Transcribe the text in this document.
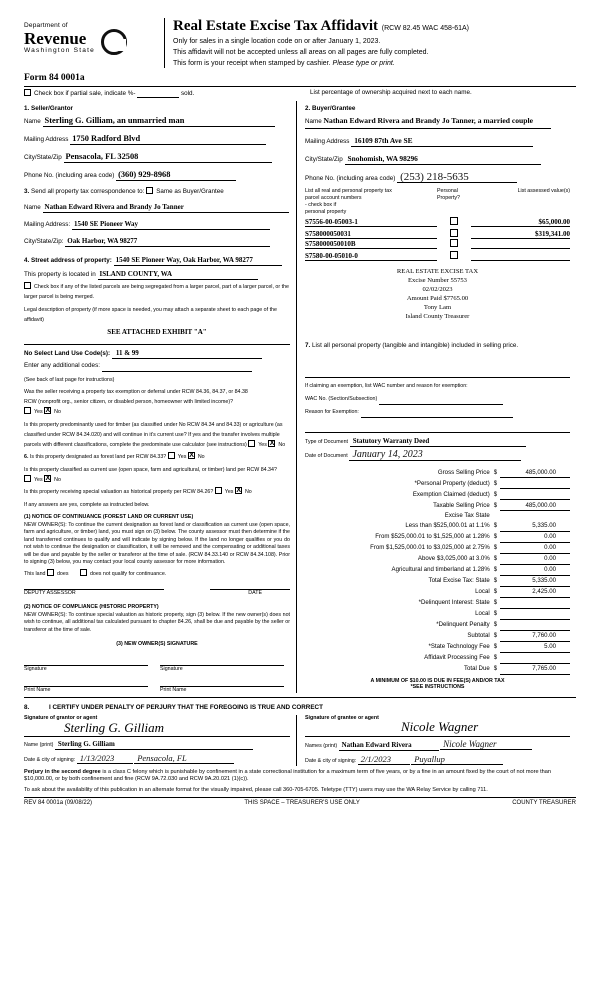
Department of
Revenue
Washington State
Real Estate Excise Tax Affidavit (RCW 82.45 WAC 458-61A)
Only for sales in a single location code on or after January 1, 2023.
This affidavit will not be accepted unless all areas on all pages are fully completed.
This form is your receipt when stamped by cashier. Please type or print.
Form 84 0001a
Check box if partial sale, indicate %-	sold.	List percentage of ownership acquired next to each name.
1. Seller/Grantor
Name Sterling G. Gilliam, an unmarried man
Mailing Address 1750 Radford Blvd
City/State/Zip Pensacola, FL 32508
Phone No. (including area code) (360) 929-8968
3. Send all property tax correspondence to: Same as Buyer/Grantee
Name Nathan Edward Rivera and Brandy Jo Tanner
Mailing Address: 1540 SE Pioneer Way
City/State/Zip: Oak Harbor, WA 98277
4. Street address of property: 1540 SE Pioneer Way, Oak Harbor, WA 98277
This property is located in ISLAND COUNTY, WA
Check box if any of the listed parcels are being segregated from a larger parcel, part of a larger parcel, or the larger parcel is being merged.
Legal description of property (if more space is needed, you may attach a separate sheet to each page of the affidavit)
SEE ATTACHED EXHIBIT "A"
No Select Land Use Code(s): 11 & 99
Enter any additional codes:
(See back of last page for instructions)
Was the seller receiving a property tax exemption or deferral under RCW 84.36, 84.37, or 84.38 RCW (nonprofit org., senior citizen, or disabled person, homeowner with limited income)? Yes X No
Is this property predominantly used for timber (as classified under No RCW 84.34 and 84.33) or agriculture (as classified under RCW 84.34.020) and will continue in it's current use? If yes and the transfer involves multiple parcels with different classifications, complete the predominate use calculator (see instructions) Yes X No
6. Is this property designated as forest land per RCW 84.33? Yes X No
Is this property classified as current use (open space, farm and agricultural, or timber) land per RCW 84.34? Yes X No
Is this property receiving special valuation as historical property per RCW 84.26? Yes X No
If any answers are yes, complete as instructed below.
(1) NOTICE OF CONTINUANCE (FOREST LAND OR CURRENT USE)
NEW OWNER(S): To continue the current designation as forest land or classification as current use (open space, farm and agriculture, or timber) land, you must sign on (3) below. The county assessor must then determine if the land transferred continues to qualify and will indicate by signing below. If the land no longer qualifies or you do not wish to continue the designation or classification, it will be removed and the compensating or additional taxes will be due and payable by the seller or transferor at the time of sale. (RCW 84.33.140 or RCW 84.34.108). Prior to signing (3) below, you may contact your local county assessor for more information.
This land does	does not qualify for continuance.
DEPUTY ASSESSOR	DATE
(2) NOTICE OF COMPLIANCE (HISTORIC PROPERTY)
NEW OWNER(S): To continue special valuation as historic property, sign (3) below. If the new owner(s) does not wish to continue, all additional tax calculated pursuant to chapter 84.26, shall be due and payable by the seller or transferor at the time of sale.
(3) NEW OWNER(S) SIGNATURE
Signature	Signature
Print Name	Print Name
2. Buyer/Grantee
Name Nathan Edward Rivera and Brandy Jo Tanner, a married couple
Mailing Address 16109 87th Ave SE
City/State/Zip Snohomish, WA 98296
Phone No. (including area code) (253) 218-5635
List all real and personal property tax
parcel account numbers
- check box if
personal property
Personal
Property?
List assessed value(s)
S7556-00-05003-1	$65,000.00
S758000050031	$319,341.00
S758000050010B

S7580-00-05010-0

REAL ESTATE EXCISE TAX
Excise Number 55753
02/02/2023
Amount Paid $7765.00
Tony Lam
Island County Treasurer
7. List all personal property (tangible and intangible) included in selling price.
If claiming an exemption, list WAC number and reason for exemption:
WAC No. (Section/Subsection)
Reason for Exemption:
Type of Document Statutory Warranty Deed
Date of Document January 14, 2023
Gross Selling Price	$	485,000.00
*Personal Property (deduct)	$	
Exemption Claimed (deduct)	$	
Taxable Selling Price	$	485,000.00
Excise Tax State		
Less than $525,000.01 at 1.1%	$	5,335.00
From $525,000.01 to $1,525,000 at 1.28%	$	0.00
From $1,525,000.01 to $3,025,000 at 2.75%	$	0.00
Above $3,025,000 at 3.0%	$	0.00
Agricultural and timberland at 1.28%	$	0.00
Total Excise Tax: State	$	5,335.00
Local	$	2,425.00
*Delinquent Interest: State	$	
Local	$	
*Delinquent Penalty	$	
Subtotal	$	7,760.00
*State Technology Fee	$	5.00
Affidavit Processing Fee	$	
Total Due	$	7,765.00
A MINIMUM OF $10.00 IS DUE IN FEE(S) AND/OR TAX
*SEE INSTRUCTIONS
8.	I CERTIFY UNDER PENALTY OF PERJURY THAT THE FOREGOING IS TRUE AND CORRECT
Signature of grantor or agent
Sterling G. Gilliam
Name (print) Sterling G. Gilliam
Date & city of signing: 1/13/2023	Pensacola, FL
Signature of grantee or agent
Nicole Wagner
Names (print) Nathan Edward Rivera	Nicole Wagner
Date & city of signing: 2/1/2023	Puyallup
Perjury in the second degree is a class C felony which is punishable by confinement in a state correctional institution for a maximum term of five years, or by a fine in an amount fixed by the court of not more than $10,000.00, or by both confinement and fine (RCW 9A.72.030 and RCW 9A.20.021 (1)(c)).
To ask about the availability of this publication in an alternate format for the visually impaired, please call 360-705-6705. Teletype (TTY) users may use the WA Relay Service by calling 711.
REV 84 0001a (09/08/22)	THIS SPACE – TREASURER'S USE ONLY	COUNTY TREASURER
